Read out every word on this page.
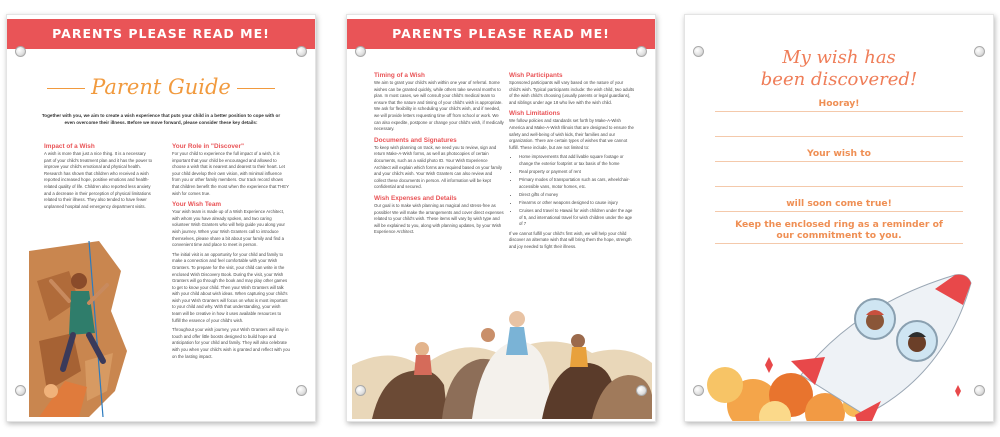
PARENTS PLEASE READ ME!
Parent Guide
Together with you, we aim to create a wish experience that puts your child in a better position to cope with or even overcome their illness. Before we move forward, please consider these key details:
Impact of a Wish

A wish is more than just a nice thing. It is a necessary part of your child's treatment plan and it has the power to improve your child's emotional and physical health. Research has shown that children who received a wish reported increased hope, positive emotions and health-related quality of life. Children also reported less anxiety and a decrease in their perception of physical limitations related to their illness. They also tended to have fewer unplanned hospital and emergency department visits.

Your Role in "Discover"

For your child to experience the full impact of a wish, it is important that your child be encouraged and allowed to choose a wish that is nearest and dearest to their heart. Let your child develop their own vision, with minimal influence from you or other family members. Our track record shows that children benefit the most when the experience that THEY wish for comes true.

Your Wish Team

Your wish team is made up of a Wish Experience Architect, with whom you have already spoken, and two caring volunteer Wish Granters who will help guide you along your wish journey. When your Wish Granters call to introduce themselves, please share a bit about your family and find a convenient time and place to meet in person.

The initial visit is an opportunity for your child and family to make a connection and feel comfortable with your Wish Granters. To prepare for the visit, your child can write in the enclosed Wish Discovery Book. During the visit, your Wish Granters will go through the book and may play other games to get to know your child. Then your Wish Granters will talk with your child about wish ideas. When capturing your child's wish your Wish Granters will focus on what is most important to your child and why. With that understanding, your wish team will be creative in how it uses available resources to fulfill the essence of your child's wish.

Throughout your wish journey, your Wish Granters will stay in touch and offer little boosts designed to build hope and anticipation for your child and family. They will also celebrate with you when your child's wish is granted and reflect with you on the lasting impact.

PARENTS PLEASE READ ME!
Timing of a Wish

We aim to grant your child's wish within one year of referral. Some wishes can be granted quickly, while others take several months to plan. In most cases, we will consult your child's medical team to ensure that the nature and timing of your child's wish is appropriate. We ask for flexibility in scheduling your child's wish, and if needed, we will provide letters requesting time off from school or work. We can also expedite, postpone or change your child's wish, if medically necessary.

Documents and Signatures

To keep wish planning on track, we need you to review, sign and return Make-A-Wish forms, as well as photocopies of certain documents, such as a valid photo ID. Your Wish Experience Architect will explain which forms are required based on your family and your child's wish. Your Wish Granters can also review and collect these documents in person. All information will be kept confidential and secured.

Wish Expenses and Details

Our goal is to make wish planning as magical and stress-free as possible! We will make the arrangements and cover direct expenses related to your child's wish. These items will vary by wish type and will be explained to you, along with planning updates, by your Wish Experience Architect.

Wish Participants

Sponsored participants will vary based on the nature of your child's wish. Typical participants include: the wish child, two adults of the wish child's choosing (usually parents or legal guardians), and siblings under age 18 who live with the wish child.

Wish Limitations

We follow policies and standards set forth by Make-A-Wish America and Make-A-Wish Illinois that are designed to ensure the safety and well-being of wish kids, their families and our organization. There are certain types of wishes that we cannot fulfill. These include, but are not limited to:

• Home improvements that add livable square footage or change the exterior footprint or tax basis of the home
• Real property or payment of rent
• Primary modes of transportation such as cars, wheelchair-accessible vans, motor homes, etc.
• Direct gifts of money
• Firearms or other weapons designed to cause injury
• Cruises and travel to Hawaii for wish children under the age of 5, and international travel for wish children under the age of 7

If we cannot fulfill your child's first wish, we will help your child discover an alternate wish that will bring them the hope, strength and joy needed to fight their illness.

My wish has
been discovered!
Hooray!
Your wish to
will soon come true!
Keep the enclosed ring as a reminder of
our commitment to you.
